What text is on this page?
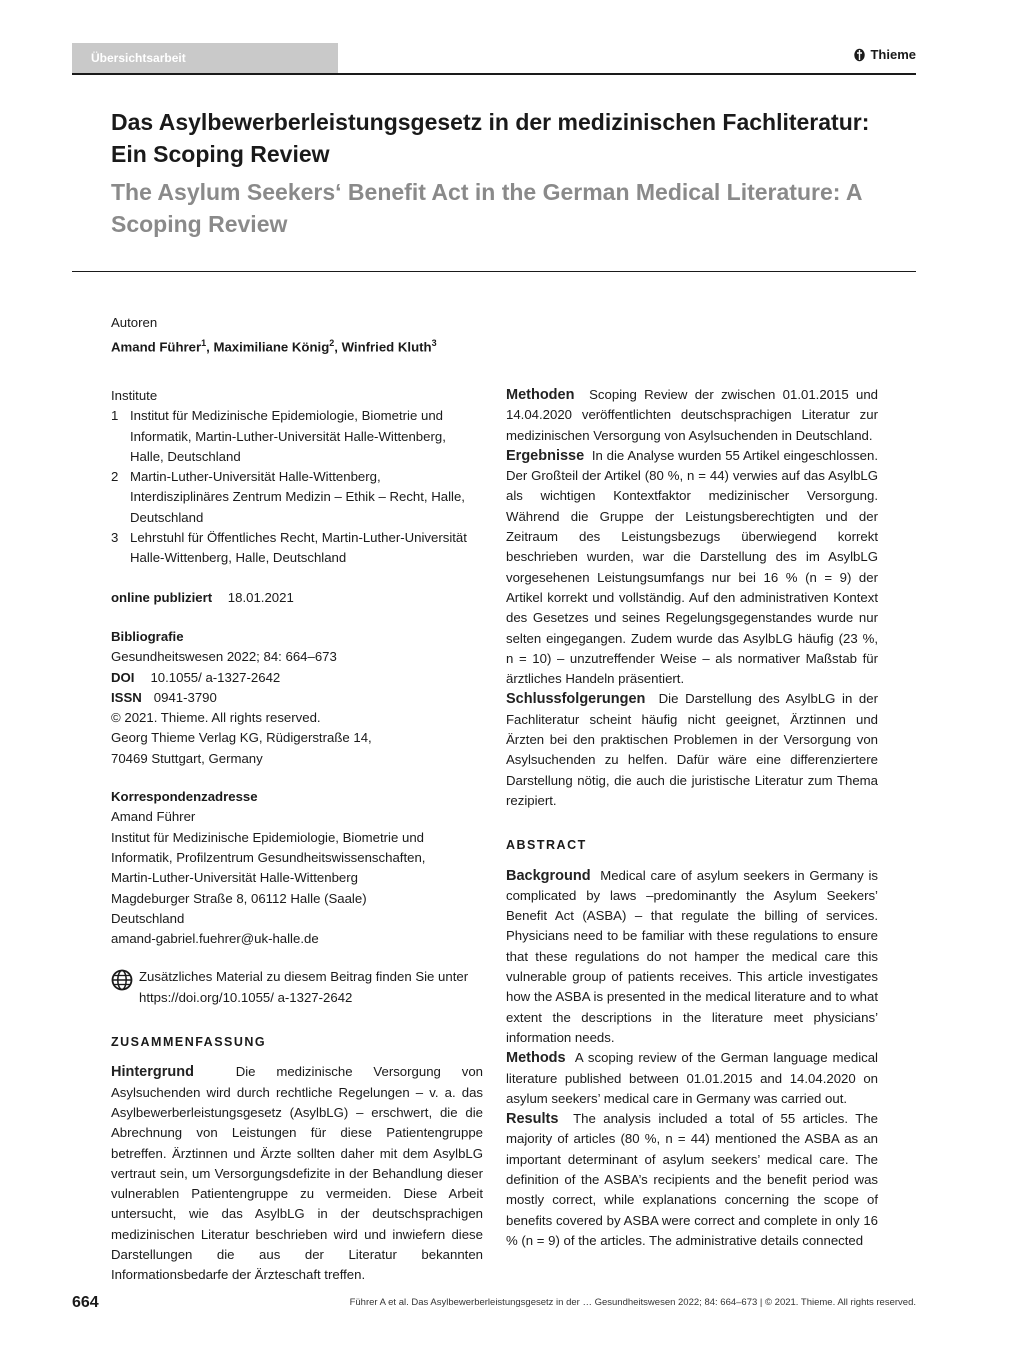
Übersichtsarbeit	Thieme
Das Asylbewerberleistungsgesetz in der medizinischen Fachliteratur: Ein Scoping Review
The Asylum Seekers‘ Benefit Act in the German Medical Literature: A Scoping Review
Autoren
Amand Führer$^1$, Maximiliane König$^2$, Winfried Kluth$^3$
Institute
1 Institut für Medizinische Epidemiologie, Biometrie und Informatik, Martin-Luther-Universität Halle-Wittenberg, Halle, Deutschland
2 Martin-Luther-Universität Halle-Wittenberg, Interdisziplinäres Zentrum Medizin – Ethik – Recht, Halle, Deutschland
3 Lehrstuhl für Öffentliches Recht, Martin-Luther-Universität Halle-Wittenberg, Halle, Deutschland
online publiziert 18.01.2021
Bibliografie
Gesundheitswesen 2022; 84: 664–673
DOI 10.1055/ a-1327-2642
ISSN 0941-3790
© 2021. Thieme. All rights reserved.
Georg Thieme Verlag KG, Rüdigerstraße 14,
70469 Stuttgart, Germany
Korrespondenzadresse
Amand Führer
Institut für Medizinische Epidemiologie, Biometrie und
Informatik, Profilzentrum Gesundheitswissenschaften,
Martin-Luther-Universität Halle-Wittenberg
Magdeburger Straße 8, 06112 Halle (Saale)
Deutschland
amand-gabriel.fuehrer@uk-halle.de
Zusätzliches Material zu diesem Beitrag finden Sie unter https://doi.org/10.1055/ a-1327-2642
ZUSAMMENFASSUNG

Hintergrund	Die medizinische Versorgung von Asylsuchenden wird durch rechtliche Regelungen – v. a. das Asylbewerberleistungsgesetz (AsylbLG) – erschwert, die die Abrechnung von Leistungen für diese Patientengruppe betreffen. Ärztinnen und Ärzte sollten daher mit dem AsylbLG vertraut sein, um Versorgungsdefizite in der Behandlung dieser vulnerablen Patientengruppe zu vermeiden. Diese Arbeit untersucht, wie das AsylbLG in der deutschsprachigen medizinischen Literatur beschrieben wird und inwiefern diese Darstellungen die aus der Literatur bekannten Informationsbedarfe der Ärzteschaft treffen.

Methoden Scoping Review der zwischen 01.01.2015 und 14.04.2020 veröffentlichten deutschsprachigen Literatur zur medizinischen Versorgung von Asylsuchenden in Deutschland.

Ergebnisse In die Analyse wurden 55 Artikel eingeschlossen. Der Großteil der Artikel (80 %, n = 44) verwies auf das AsylbLG als wichtigen Kontextfaktor medizinischer Versorgung. Während die Gruppe der Leistungsberechtigten und der Zeitraum des Leistungsbezugs überwiegend korrekt beschrieben wurden, war die Darstellung des im AsylbLG vorgesehenen Leistungsumfangs nur bei 16 % (n = 9) der Artikel korrekt und vollständig. Auf den administrativen Kontext des Gesetzes und seines Regelungsgegenstandes wurde nur selten eingegangen. Zudem wurde das AsylbLG häufig (23 %, n = 10) – unzutreffender Weise – als normativer Maßstab für ärztliches Handeln präsentiert.

Schlussfolgerungen Die Darstellung des AsylbLG in der Fachliteratur scheint häufig nicht geeignet, Ärztinnen und Ärzten bei den praktischen Problemen in der Versorgung von Asylsuchenden zu helfen. Dafür wäre eine differenziertere Darstellung nötig, die auch die juristische Literatur zum Thema rezipiert.

ABSTRACT

Background Medical care of asylum seekers in Germany is complicated by laws –predominantly the Asylum Seekers’ Benefit Act (ASBA) – that regulate the billing of services. Physicians need to be familiar with these regulations to ensure that these regulations do not hamper the medical care this vulnerable group of patients receives. This article investigates how the ASBA is presented in the medical literature and to what extent the descriptions in the literature meet physicians’ information needs.

Methods A scoping review of the German language medical literature published between 01.01.2015 and 14.04.2020 on asylum seekers’ medical care in Germany was carried out.

Results The analysis included a total of 55 articles. The majority of articles (80 %, n = 44) mentioned the ASBA as an important determinant of asylum seekers’ medical care. The definition of the ASBA’s recipients and the benefit period was mostly correct, while explanations concerning the scope of benefits covered by ASBA were correct and complete in only 16 % (n = 9) of the articles. The administrative details connected

664	Führer A et al. Das Asylbewerberleistungsgesetz in der … Gesundheitswesen 2022; 84: 664–673 | © 2021. Thieme. All rights reserved.
